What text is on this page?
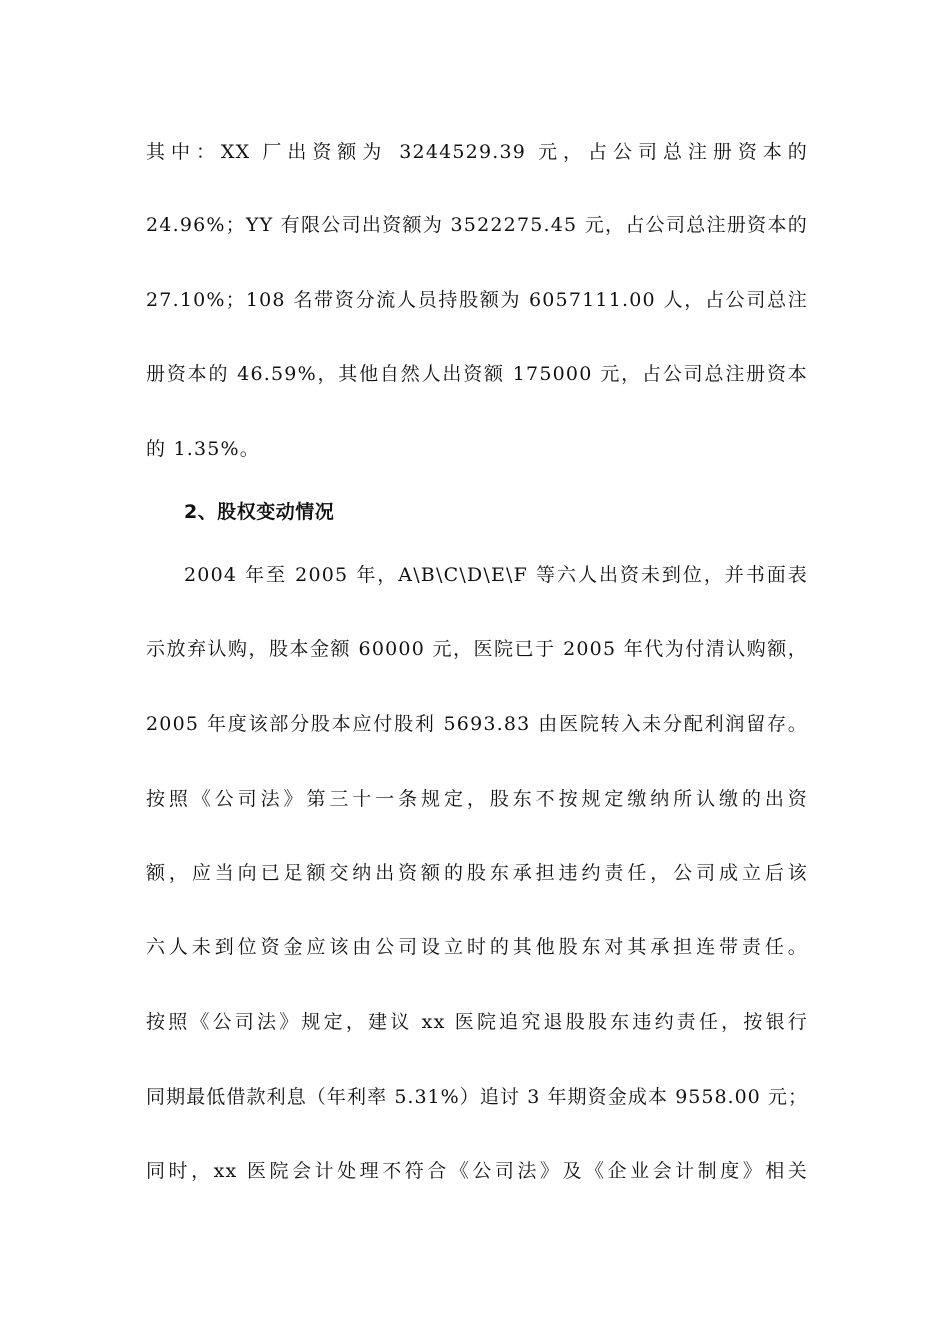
其中：XX 厂出资额为 3244529.39 元，占公司总注册资本的
24.96%；YY 有限公司出资额为 3522275.45 元，占公司总注册资本的
27.10%；108 名带资分流人员持股额为 6057111.00 人，占公司总注
册资本的 46.59%，其他自然人出资额 175000 元，占公司总注册资本
的 1.35%。
2、股权变动情况
2004 年至 2005 年，A\B\C\D\E\F 等六人出资未到位，并书面表
示放弃认购，股本金额 60000 元，医院已于 2005 年代为付清认购额，
2005 年度该部分股本应付股利 5693.83 由医院转入未分配利润留存。
按照《公司法》第三十一条规定，股东不按规定缴纳所认缴的出资
额，应当向已足额交纳出资额的股东承担违约责任，公司成立后该
六人未到位资金应该由公司设立时的其他股东对其承担连带责任。
按照《公司法》规定，建议 xx 医院追究退股股东违约责任，按银行
同期最低借款利息（年利率 5.31%）追讨 3 年期资金成本 9558.00 元；
同时，xx 医院会计处理不符合《公司法》及《企业会计制度》相关
